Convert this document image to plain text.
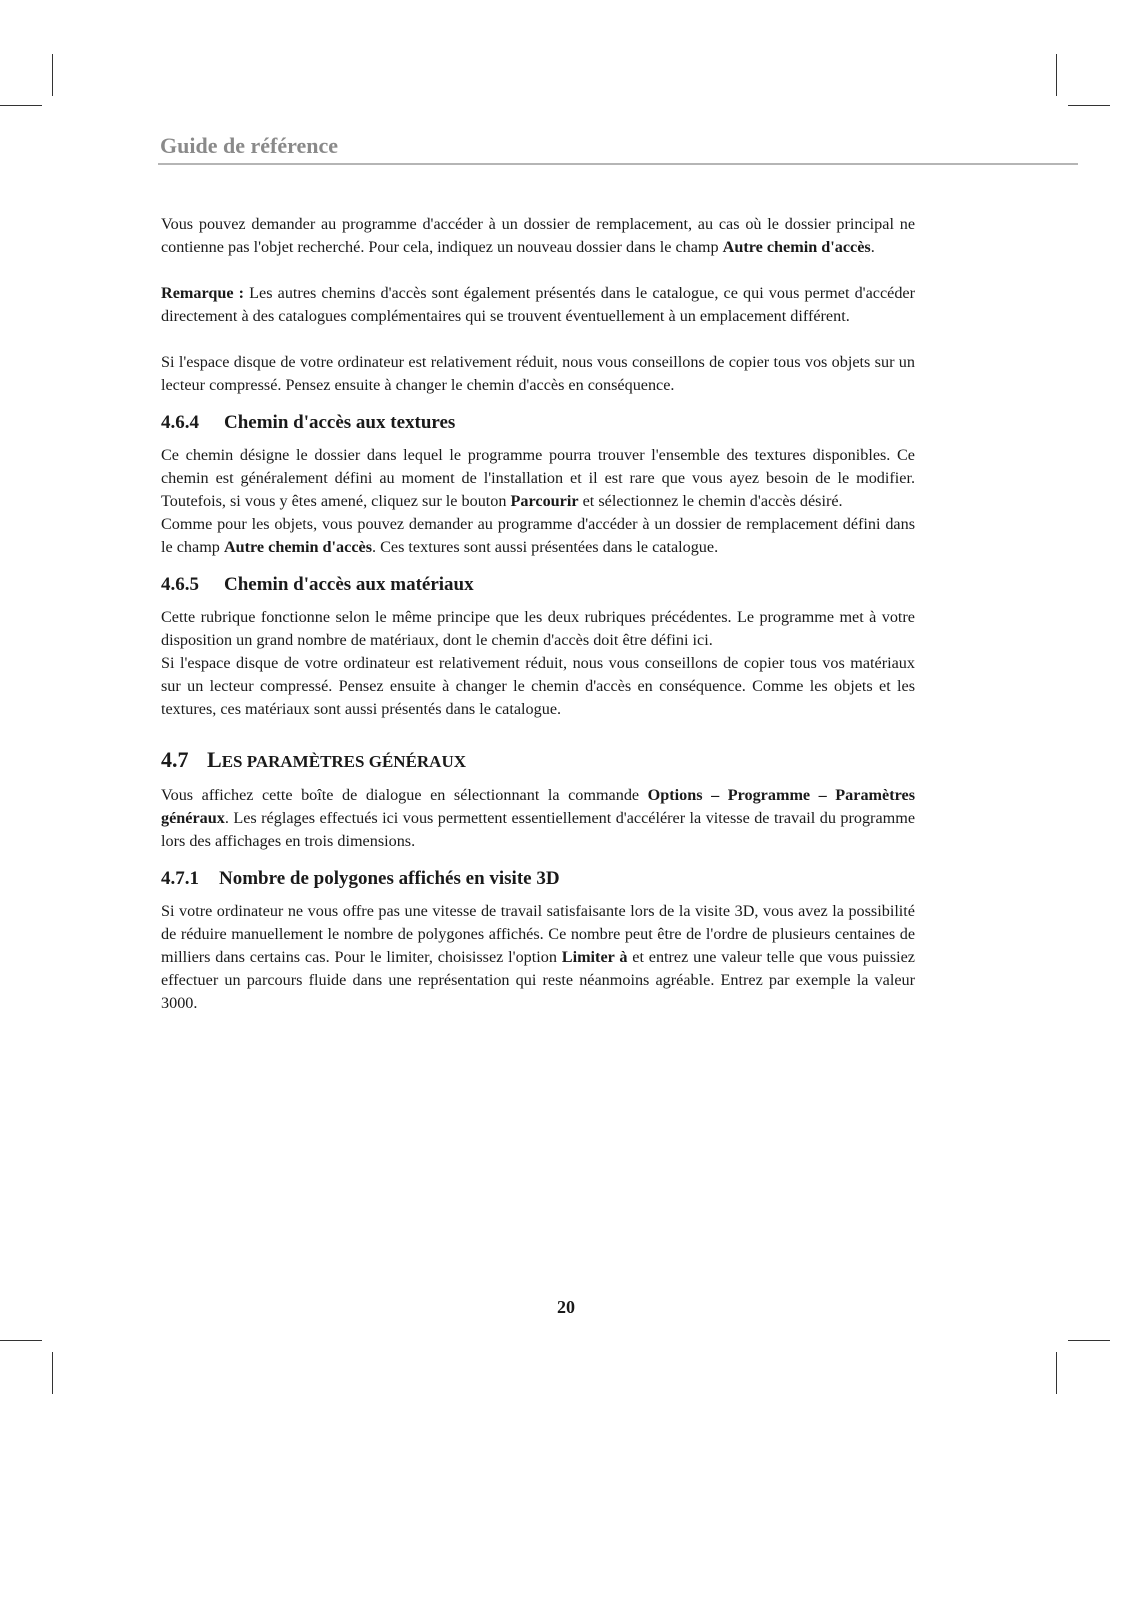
Guide de référence

Vous pouvez demander au programme d'accéder à un dossier de remplacement, au cas où le dossier principal ne contienne pas l'objet recherché. Pour cela, indiquez un nouveau dossier dans le champ Autre chemin d'accès.

Remarque : Les autres chemins d'accès sont également présentés dans le catalogue, ce qui vous permet d'accéder directement à des catalogues complémentaires qui se trouvent éventuellement à un emplacement différent.

Si l'espace disque de votre ordinateur est relativement réduit, nous vous conseillons de copier tous vos objets sur un lecteur compressé. Pensez ensuite à changer le chemin d'accès en conséquence.

4.6.4 Chemin d'accès aux textures

Ce chemin désigne le dossier dans lequel le programme pourra trouver l'ensemble des textures disponibles. Ce chemin est généralement défini au moment de l'installation et il est rare que vous ayez besoin de le modifier. Toutefois, si vous y êtes amené, cliquez sur le bouton Parcourir et sélectionnez le chemin d'accès désiré.

Comme pour les objets, vous pouvez demander au programme d'accéder à un dossier de remplacement défini dans le champ Autre chemin d'accès. Ces textures sont aussi présentées dans le catalogue.

4.6.5 Chemin d'accès aux matériaux

Cette rubrique fonctionne selon le même principe que les deux rubriques précédentes. Le programme met à votre disposition un grand nombre de matériaux, dont le chemin d'accès doit être défini ici.

Si l'espace disque de votre ordinateur est relativement réduit, nous vous conseillons de copier tous vos matériaux sur un lecteur compressé. Pensez ensuite à changer le chemin d'accès en conséquence. Comme les objets et les textures, ces matériaux sont aussi présentés dans le catalogue.

4.7 LES PARAMÈTRES GÉNÉRAUX

Vous affichez cette boîte de dialogue en sélectionnant la commande Options – Programme – Paramètres généraux. Les réglages effectués ici vous permettent essentiellement d'accélérer la vitesse de travail du programme lors des affichages en trois dimensions.

4.7.1 Nombre de polygones affichés en visite 3D

Si votre ordinateur ne vous offre pas une vitesse de travail satisfaisante lors de la visite 3D, vous avez la possibilité de réduire manuellement le nombre de polygones affichés. Ce nombre peut être de l'ordre de plusieurs centaines de milliers dans certains cas. Pour le limiter, choisissez l'option Limiter à et entrez une valeur telle que vous puissiez effectuer un parcours fluide dans une représentation qui reste néanmoins agréable. Entrez par exemple la valeur 3000.

20
